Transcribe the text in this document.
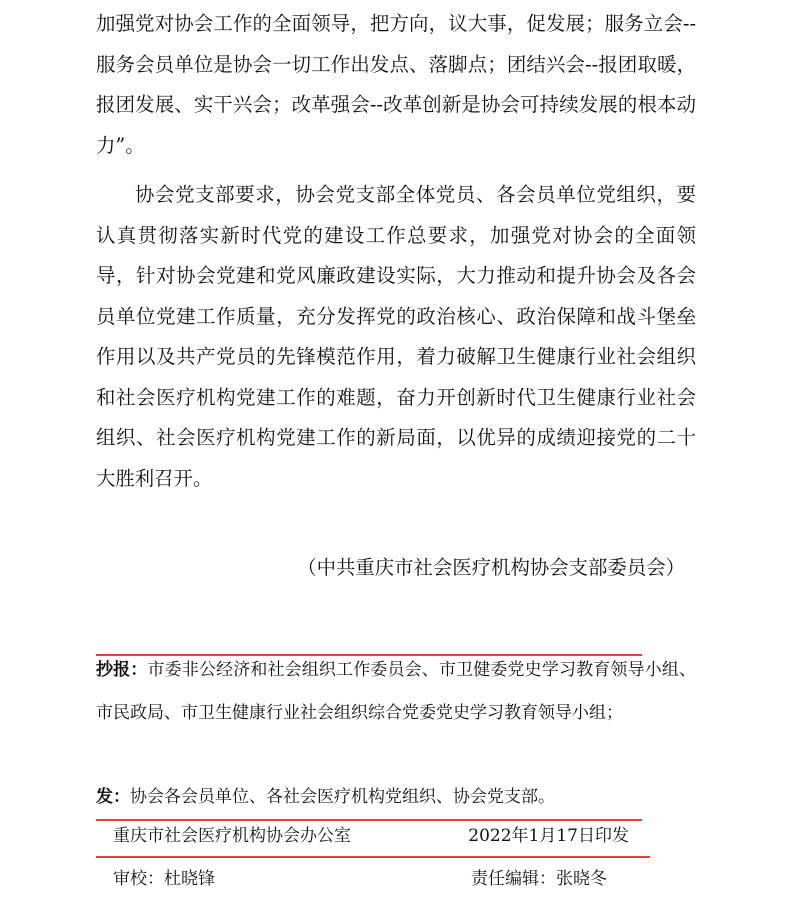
加强党对协会工作的全面领导，把方向，议大事，促发展；服务立会--服务会员单位是协会一切工作出发点、落脚点；团结兴会--报团取暖，报团发展、实干兴会；改革强会--改革创新是协会可持续发展的根本动力”。

协会党支部要求，协会党支部全体党员、各会员单位党组织，要认真贯彻落实新时代党的建设工作总要求，加强党对协会的全面领导，针对协会党建和党风廉政建设实际，大力推动和提升协会及各会员单位党建工作质量，充分发挥党的政治核心、政治保障和战斗堡垒作用以及共产党员的先锋模范作用，着力破解卫生健康行业社会组织和社会医疗机构党建工作的难题，奋力开创新时代卫生健康行业社会组织、社会医疗机构党建工作的新局面，以优异的成绩迎接党的二十大胜利召开。

（中共重庆市社会医疗机构协会支部委员会）

抄报：市委非公经济和社会组织工作委员会、市卫健委党史学习教育领导小组、市民政局、市卫生健康行业社会组织综合党委党史学习教育领导小组；

发：协会各会员单位、各社会医疗机构党组织、协会党支部。

重庆市社会医疗机构协会办公室	2022年1月17日印发
审校：杜晓锋	责任编辑：张晓冬
